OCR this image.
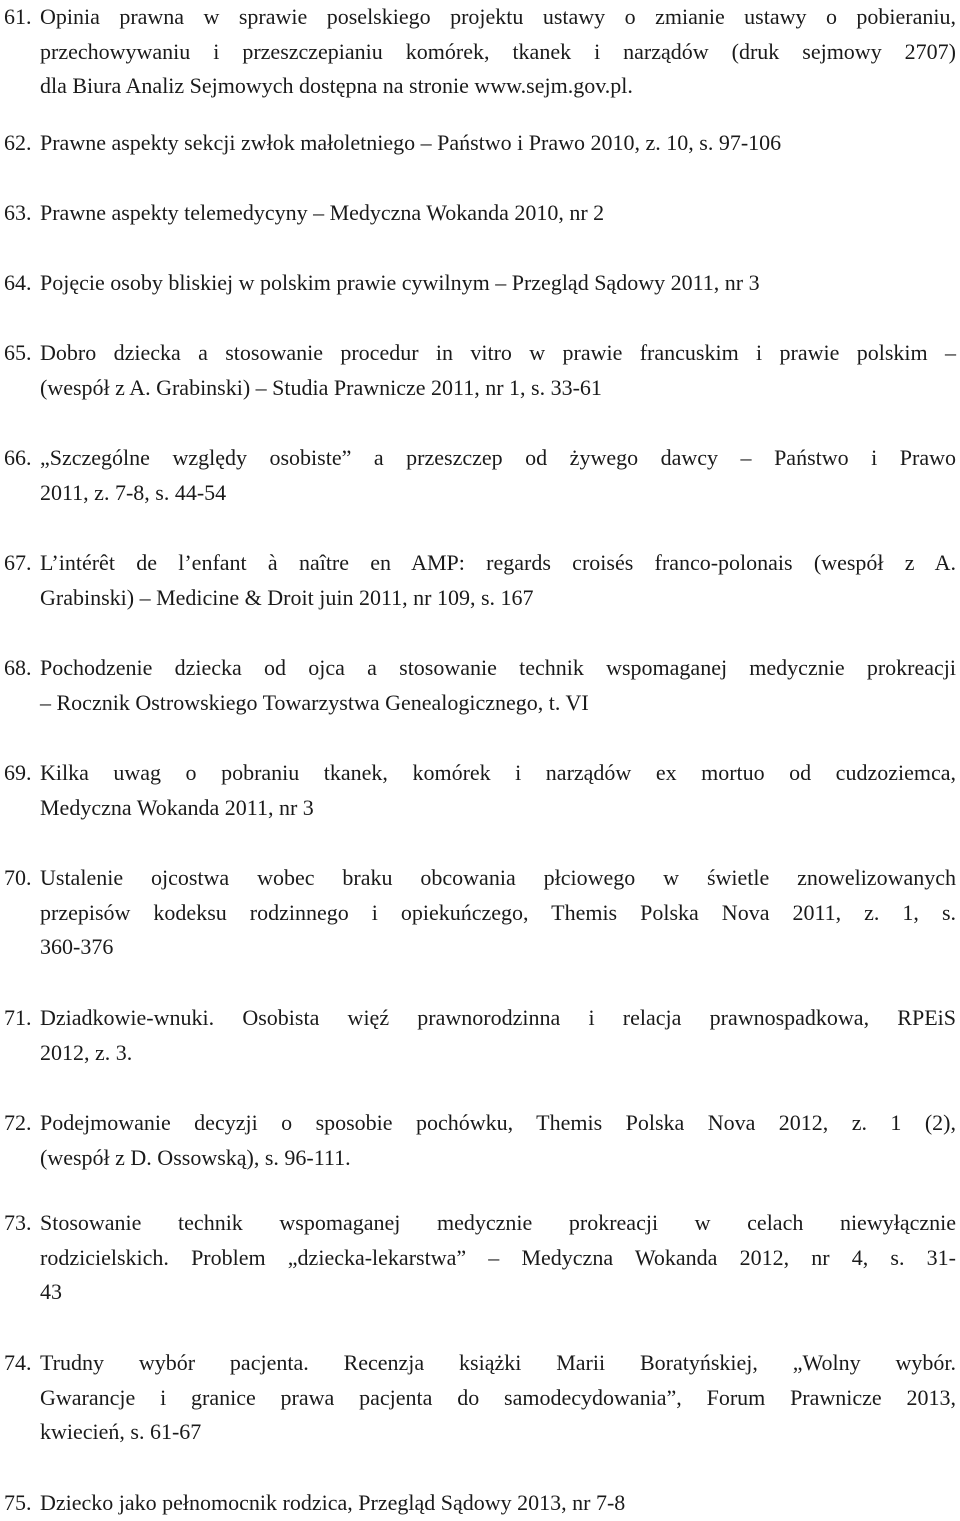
61. Opinia prawna w sprawie poselskiego projektu ustawy o zmianie ustawy o pobieraniu,
przechowywaniu i przeszczepianiu komórek, tkanek i narządów (druk sejmowy 2707)
dla Biura Analiz Sejmowych dostępna na stronie www.sejm.gov.pl.
62. Prawne aspekty sekcji zwłok małoletniego – Państwo i Prawo 2010, z. 10, s. 97-106
63. Prawne aspekty telemedycyny – Medyczna Wokanda 2010, nr 2
64. Pojęcie osoby bliskiej w polskim prawie cywilnym – Przegląd Sądowy 2011, nr 3
65. Dobro dziecka a stosowanie procedur in vitro w prawie francuskim i prawie polskim –
(wespół z A. Grabinski) – Studia Prawnicze 2011, nr 1, s. 33-61
66. „Szczególne względy osobiste” a przeszczep od żywego dawcy – Państwo i Prawo
2011, z. 7-8, s. 44-54
67. L’intérêt de l’enfant à naître en AMP: regards croisés franco-polonais (wespół z A.
Grabinski) – Medicine & Droit juin 2011, nr 109, s. 167
68. Pochodzenie dziecka od ojca a stosowanie technik wspomaganej medycznie prokreacji
– Rocznik Ostrowskiego Towarzystwa Genealogicznego, t. VI
69. Kilka uwag o pobraniu tkanek, komórek i narządów ex mortuo od cudzoziemca,
Medyczna Wokanda 2011, nr 3
70. Ustalenie ojcostwa wobec braku obcowania płciowego w świetle znowelizowanych
przepisów kodeksu rodzinnego i opiekuńczego, Themis Polska Nova 2011, z. 1, s.
360-376
71. Dziadkowie-wnuki. Osobista więź prawnorodzinna i relacja prawnospadkowa, RPEiS
2012, z. 3.
72. Podejmowanie decyzji o sposobie pochówku, Themis Polska Nova 2012, z. 1 (2),
(wespół z D. Ossowską), s. 96-111.
73. Stosowanie technik wspomaganej medycznie prokreacji w celach niewyłącznie
rodzicielskich. Problem „dziecka-lekarstwa” – Medyczna Wokanda 2012, nr 4, s. 31-
43
74. Trudny wybór pacjenta. Recenzja książki Marii Boratyńskiej, „Wolny wybór.
Gwarancje i granice prawa pacjenta do samodecydowania”, Forum Prawnicze 2013,
kwiecień, s. 61-67
75. Dziecko jako pełnomocnik rodzica, Przegląd Sądowy 2013, nr 7-8
